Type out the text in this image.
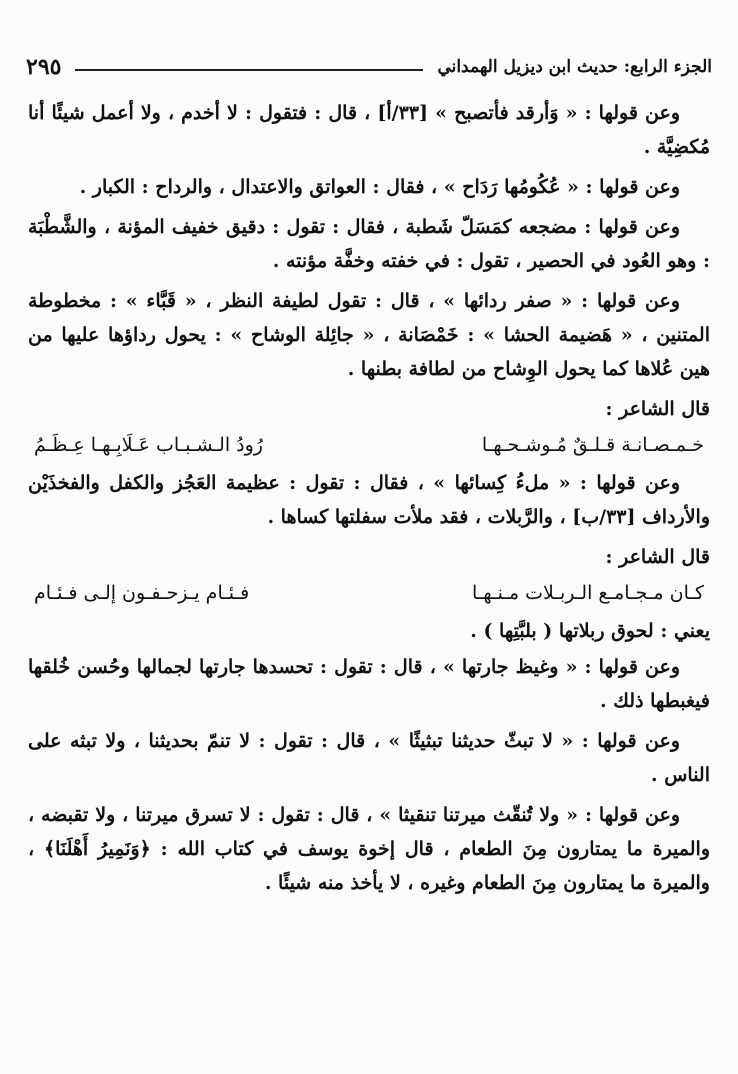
الجزء الرابع: حديث ابن ديزيل الهمداني
٢٩٥

وعن قولها : « وَأرقد فأتصبح » [٣٣/أ] ، قال : فتقول : لا أخدم ، ولا أعمل شيئًا أنا مُكضِيَّة .

وعن قولها : « عُكُومُها رَدَاح » ، فقال : العواتق والاعتدال ، والرداح : الكبار .

وعن قولها : مضجعه كمَسَلّ شَطبة ، فقال : تقول : دقيق خفيف المؤنة ، والشَّطْبَة : وهو العُود في الحصير ، تقول : في خفته وخفَّة مؤنته .

وعن قولها : « صفر ردائها » ، قال : تقول لطيفة النظر ، « قَبَّاء » : مخطوطة المتنين ، « هَضيمة الحشا » : خَمْصَانة ، « جائِلة الوشاح » : يحول رداؤها عليها من هين عُلاها كما يحول الوِشاح من لطافة بطنها .

قال الشاعر :
خـمـصـانـة قـلـقٌ مُـوشـحـهـا
رُودُ الـشـبـاب عَـلَابِـهـا عِـظَـمُ

وعن قولها : « ملءُ كِسائها » ، فقال : تقول : عظيمة العَجُز والكفل والفخذَيْن والأرداف [٣٣/ب] ، والرَّبلات ، فقد ملأت سفلتها كساها .

قال الشاعر :
كـان مـجـامـع الـربـلات مـنـهـا
فـئـام يـزحـفـون إلـى فـئـام
يعني : لحوق ربلاتها ( بلبَّتِها ) .

وعن قولها : « وغيظ جارتها » ، قال : تقول : تحسدها جارتها لجمالها وحُسن خُلقها فيغبطها ذلك .

وعن قولها : « لا تبثّ حديثنا تبثيثًا » ، قال : تقول : لا تنمّ بحديثنا ، ولا تبثه على الناس .

وعن قولها : « ولا تُنقّث ميرتنا تنقيثا » ، قال : تقول : لا تسرق ميرتنا ، ولا تقبضه ، والميرة ما يمتارون مِنَ الطعام ، قال إخوة يوسف في كتاب الله : ﴿وَنَمِيرُ أَهْلَنَا﴾ ، والميرة ما يمتارون مِنَ الطعام وغيره ، لا يأخذ منه شيئًا .
